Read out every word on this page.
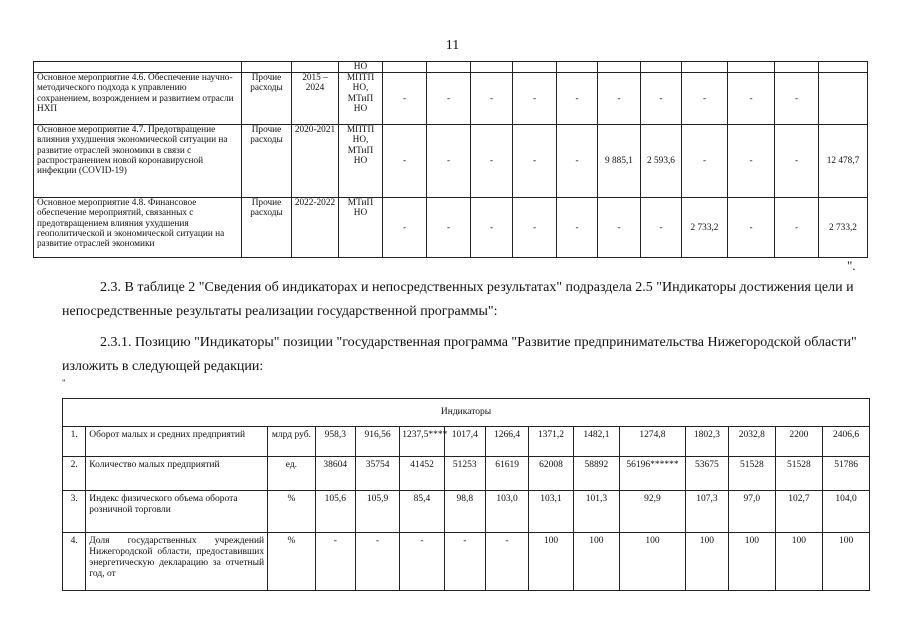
11
			НО											
Основное мероприятие 4.6. Обеспечение научно-методического подхода к управлению сохранением, возрождением и развитием отрасли НХП	Прочие расходы	2015 – 2024	МПТП НО, МТиП НО	-	-	-	-	-	-	-	-	-	-	
Основное мероприятие 4.7. Предотвращение влияния ухудшения экономической ситуации на развитие отраслей экономики в связи с распространением новой коронавирусной инфекции (COVID-19)	Прочие расходы	2020-2021	МПТП НО, МТиП НО	-	-	-	-	-	9 885,1	2 593,6	-	-	-	12 478,7
Основное мероприятие 4.8. Финансовое обеспечение мероприятий, связанных с предотвращением влияния ухудшения геополитической и экономической ситуации на развитие отраслей экономики	Прочие расходы	2022-2022	МТиП НО	-	-	-	-	-	-	-	2 733,2	-	-	2 733,2
".
2.3. В таблице 2 "Сведения об индикаторах и непосредственных результатах" подраздела 2.5 "Индикаторы достижения цели и непосредственные результаты реализации государственной программы":
2.3.1. Позицию "Индикаторы" позиции "государственная программа "Развитие предпринимательства Нижегородской области" изложить в следующей редакции:
"
Индикаторы														
1.	Оборот малых и средних предприятий	млрд руб.	958,3	916,56	1237,5****	1017,4	1266,4	1371,2	1482,1	1274,8	1802,3	2032,8	2200	2406,6
2.	Количество малых предприятий	ед.	38604	35754	41452	51253	61619	62008	58892	56196******	53675	51528	51528	51786
3.	Индекс физического объема оборота розничной торговли	%	105,6	105,9	85,4	98,8	103,0	103,1	101,3	92,9	107,3	97,0	102,7	104,0
4.	Доля государственных учреждений Нижегородской области, предоставивших энергетическую декларацию за отчетный год, от	%	-	-	-	-	-	100	100	100	100	100	100	100
